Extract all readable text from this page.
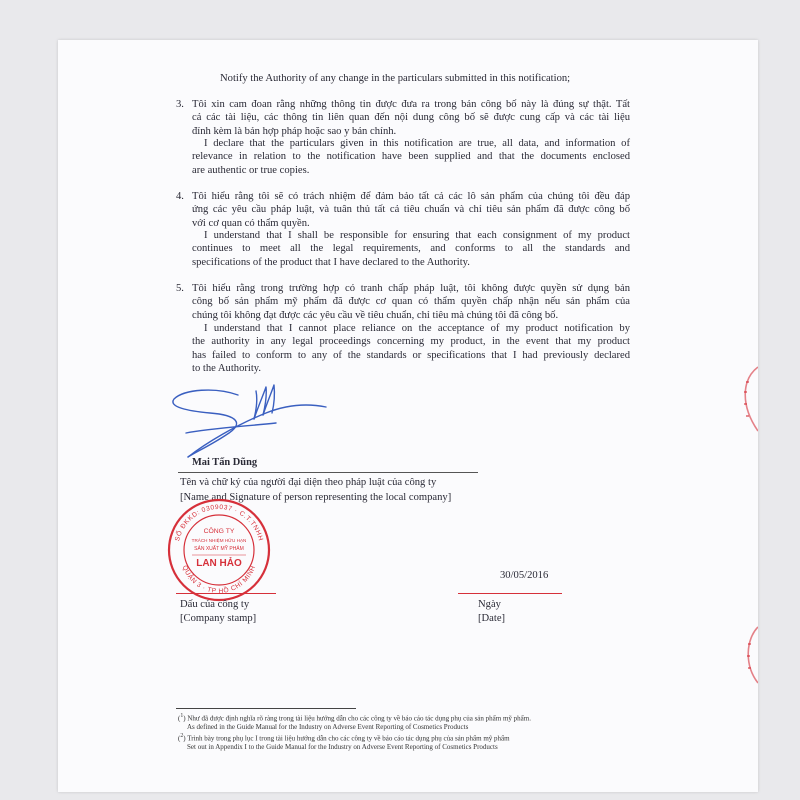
Notify the Authority of any change in the particulars submitted in this notification;
3. Tôi xin cam đoan rằng những thông tin được đưa ra trong bản công bố này là đúng sự thật. Tất
cả các tài liệu, các thông tin liên quan đến nội dung công bố sẽ được cung cấp và các tài liệu
đính kèm là bản hợp pháp hoặc sao y bản chính.
I declare that the particulars given in this notification are true, all data, and information of
relevance in relation to the notification have been supplied and that the documents enclosed
are authentic or true copies.
4. Tôi hiểu rằng tôi sẽ có trách nhiệm để đảm bảo tất cả các lô sản phẩm của chúng tôi đều đáp
ứng các yêu cầu pháp luật, và tuân thủ tất cả tiêu chuẩn và chỉ tiêu sản phẩm đã được công bố
với cơ quan có thẩm quyền.
I understand that I shall be responsible for ensuring that each consignment of my product
continues to meet all the legal requirements, and conforms to all the standards and
specifications of the product that I have declared to the Authority.
5. Tôi hiểu rằng trong trường hợp có tranh chấp pháp luật, tôi không được quyền sử dụng bản
công bố sản phẩm mỹ phẩm đã được cơ quan có thẩm quyền chấp nhận nếu sản phẩm của
chúng tôi không đạt được các yêu cầu về tiêu chuẩn, chỉ tiêu mà chúng tôi đã công bố.
I understand that I cannot place reliance on the acceptance of my product notification by
the authority in any legal proceedings concerning my product, in the event that my product
has failed to conform to any of the standards or specifications that I had previously declared
to the Authority.
Mai Tấn Dũng
Tên và chữ ký của người đại diện theo pháp luật của công ty
[Name and Signature of person representing the local company]
SỐ ĐKKD: 0309037 · C.T.TNHH
QUẬN 3 · TP HỒ CHÍ MINH
CÔNG TY
TRÁCH NHIỆM HỮU HẠN
SẢN XUẤT MỸ PHẨM
LAN HẢO
30/05/2016
Dấu của công ty
[Company stamp]
Ngày
[Date]
($^1$) Như đã được định nghĩa rõ ràng trong tài liệu hướng dẫn cho các công ty về báo cáo tác dụng phụ của sản phẩm mỹ phẩm.
As defined in the Guide Manual for the Industry on Adverse Event Reporting of Cosmetics Products
($^2$) Trình bày trong phụ lục I trong tài liệu hướng dẫn cho các công ty về báo cáo tác dụng phụ của sản phẩm mỹ phẩm
Set out in Appendix I to the Guide Manual for the Industry on Adverse Event Reporting of Cosmetics Products
